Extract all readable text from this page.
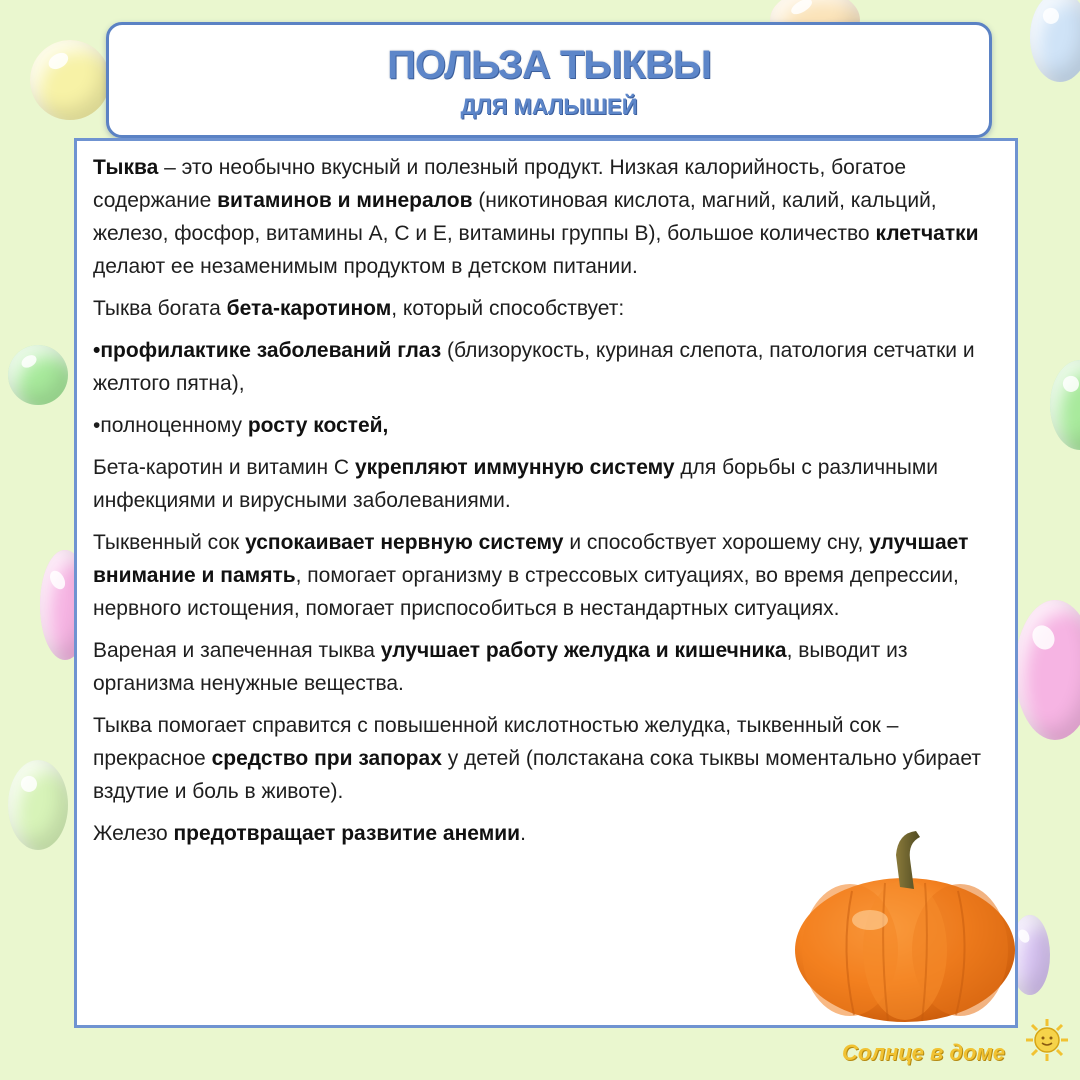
ПОЛЬЗА ТЫКВЫ
ДЛЯ МАЛЫШЕЙ

Тыква – это необычно вкусный и полезный продукт. Низкая калорийность, богатое содержание витаминов и минералов (никотиновая кислота, магний, калий, кальций, железо, фосфор, витамины А, С и Е, витамины группы В), большое количество клетчатки делают ее незаменимым продуктом в детском питании.

Тыква богата бета-каротином, который способствует:

•профилактике заболеваний глаз (близорукость, куриная слепота, патология сетчатки и желтого пятна),

•полноценному росту костей,

Бета-каротин и витамин С укрепляют иммунную систему для борьбы с различными инфекциями и вирусными заболеваниями.

Тыквенный сок успокаивает нервную систему и способствует хорошему сну, улучшает внимание и память, помогает организму в стрессовых ситуациях, во время депрессии, нервного истощения, помогает приспособиться в нестандартных ситуациях.

Вареная и запеченная тыква улучшает работу желудка и кишечника, выводит из организма ненужные вещества.

Тыква помогает справится с повышенной кислотностью желудка, тыквенный сок – прекрасное средство при запорах у детей (полстакана сока тыквы моментально убирает вздутие и боль в животе).

Железо предотвращает развитие анемии.

Солнце в доме
